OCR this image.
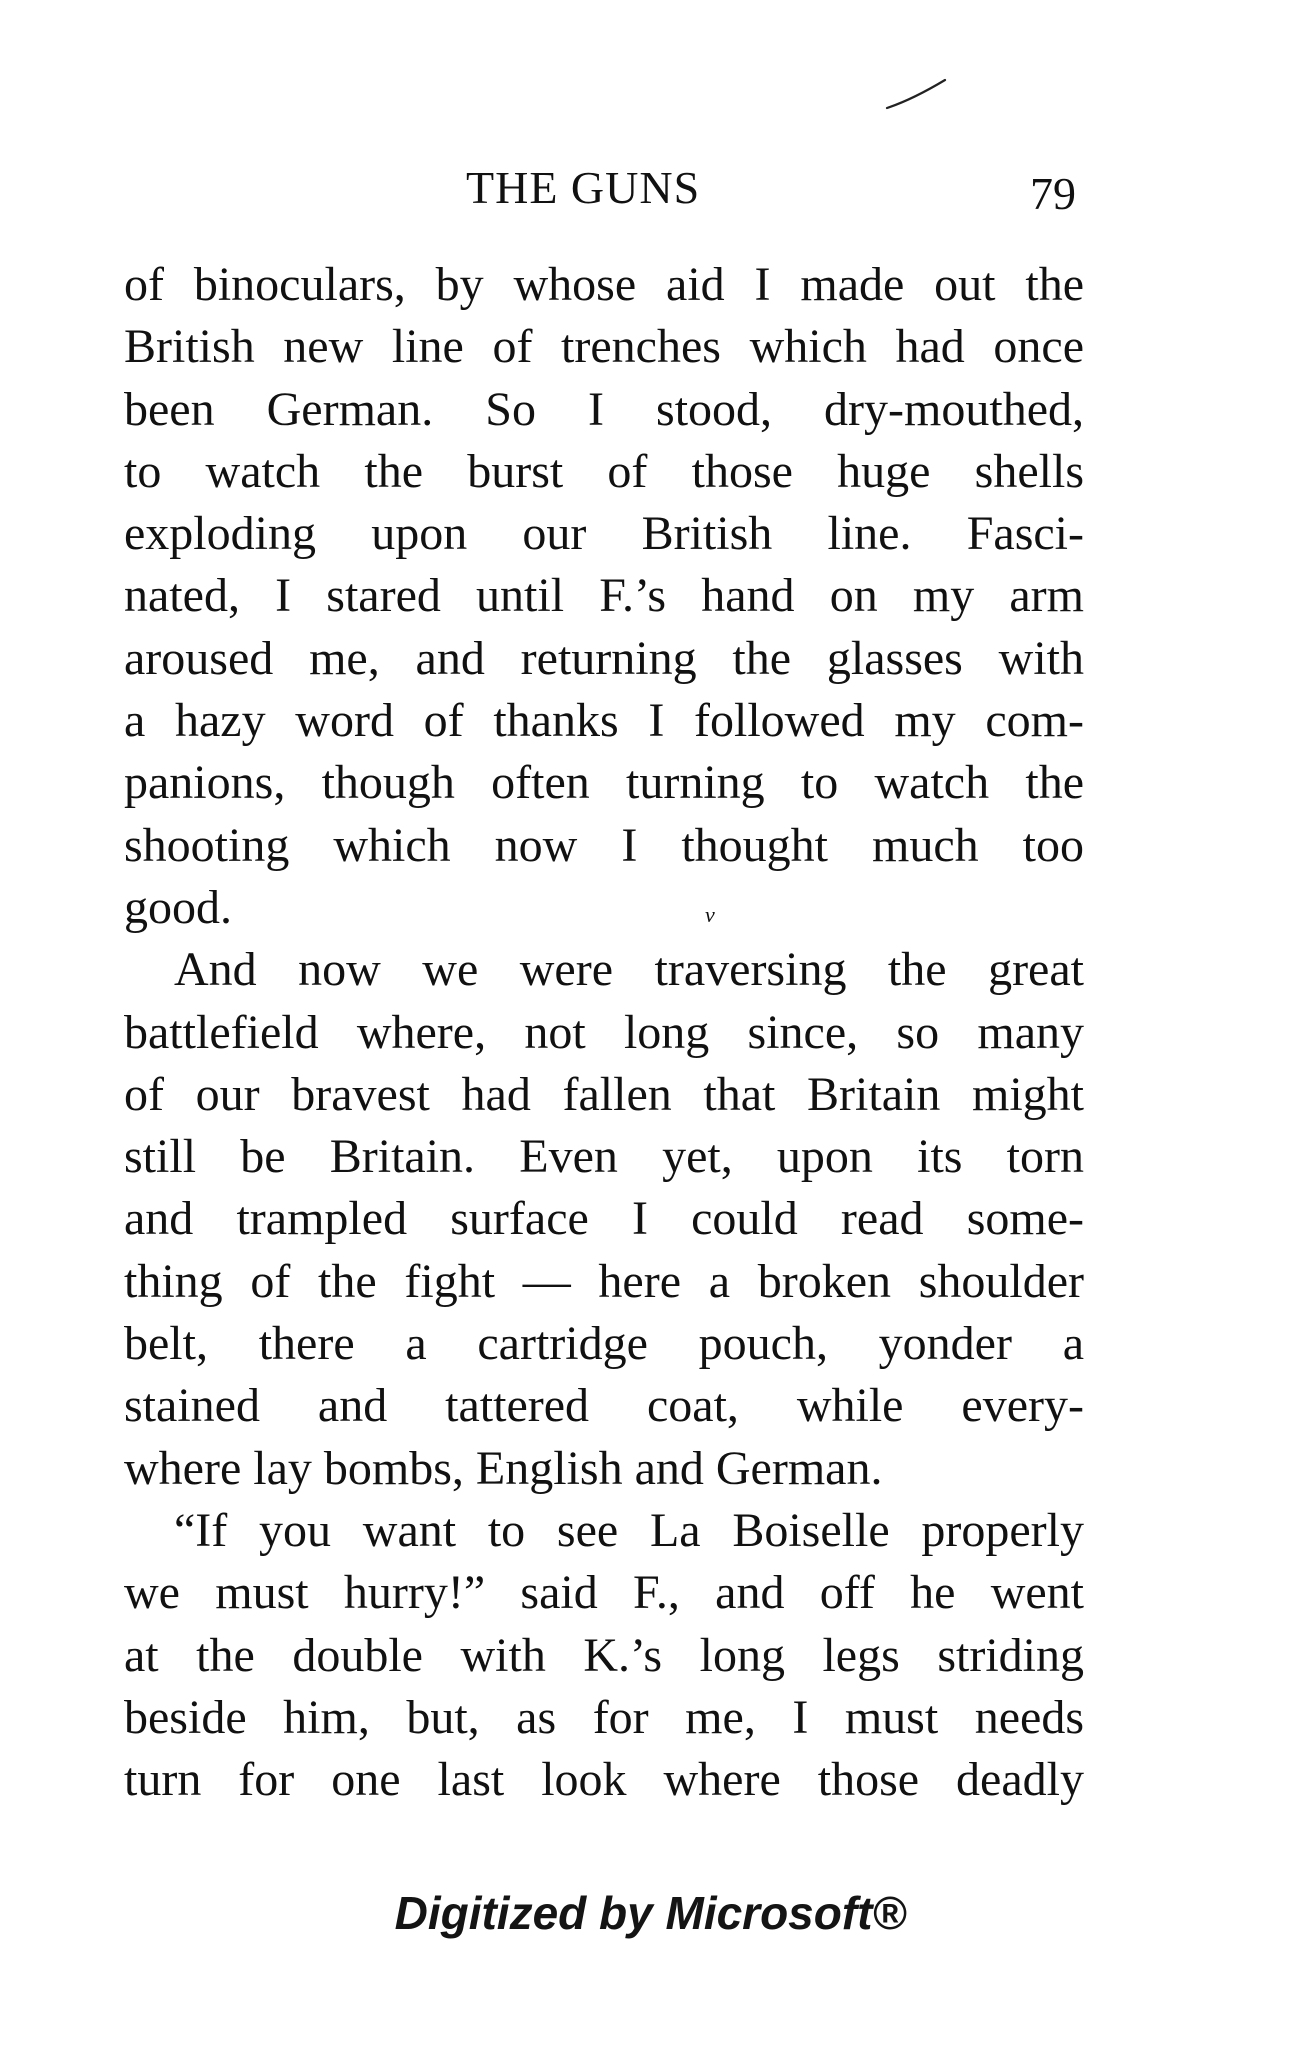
THE GUNS	79
of binoculars, by whose aid I made out the
British new line of trenches which had once
been German. So I stood, dry-mouthed,
to watch the burst of those huge shells
exploding upon our British line. Fasci-
nated, I stared until F.’s hand on my arm
aroused me, and returning the glasses with
a hazy word of thanks I followed my com-
panions, though often turning to watch the
shooting which now I thought much too
good.
And now we were traversing the great
battlefield where, not long since, so many
of our bravest had fallen that Britain might
still be Britain. Even yet, upon its torn
and trampled surface I could read some-
thing of the fight — here a broken shoulder
belt, there a cartridge pouch, yonder a
stained and tattered coat, while every-
where lay bombs, English and German.
“If you want to see La Boiselle properly
we must hurry!” said F., and off he went
at the double with K.’s long legs striding
beside him, but, as for me, I must needs
turn for one last look where those deadly
v
Digitized by Microsoft®
